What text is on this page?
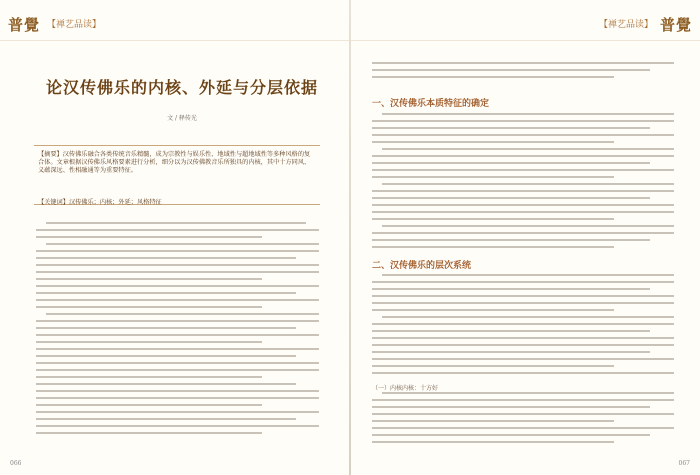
普覺 【禅艺品读】
论汉传佛乐的内核、外延与分层依据
文 / 释传光
【摘要】汉传佛乐融合各类传统音乐精髓，成为宗教性与娱乐性、地域性与超地域性等多种风格的复合体。文章根据汉传佛乐风格要素进行分析，细分以为汉传佛教音乐所独具的内核，其中十方同风、义蕴深远、性相融通等为重要特征。
【关键词】汉传佛乐；内核；外延；风格特征
066
普覺
【禅艺品读】
一、汉传佛乐本质特征的确定
二、汉传佛乐的层次系统
（一）内核内核：十方好
067
